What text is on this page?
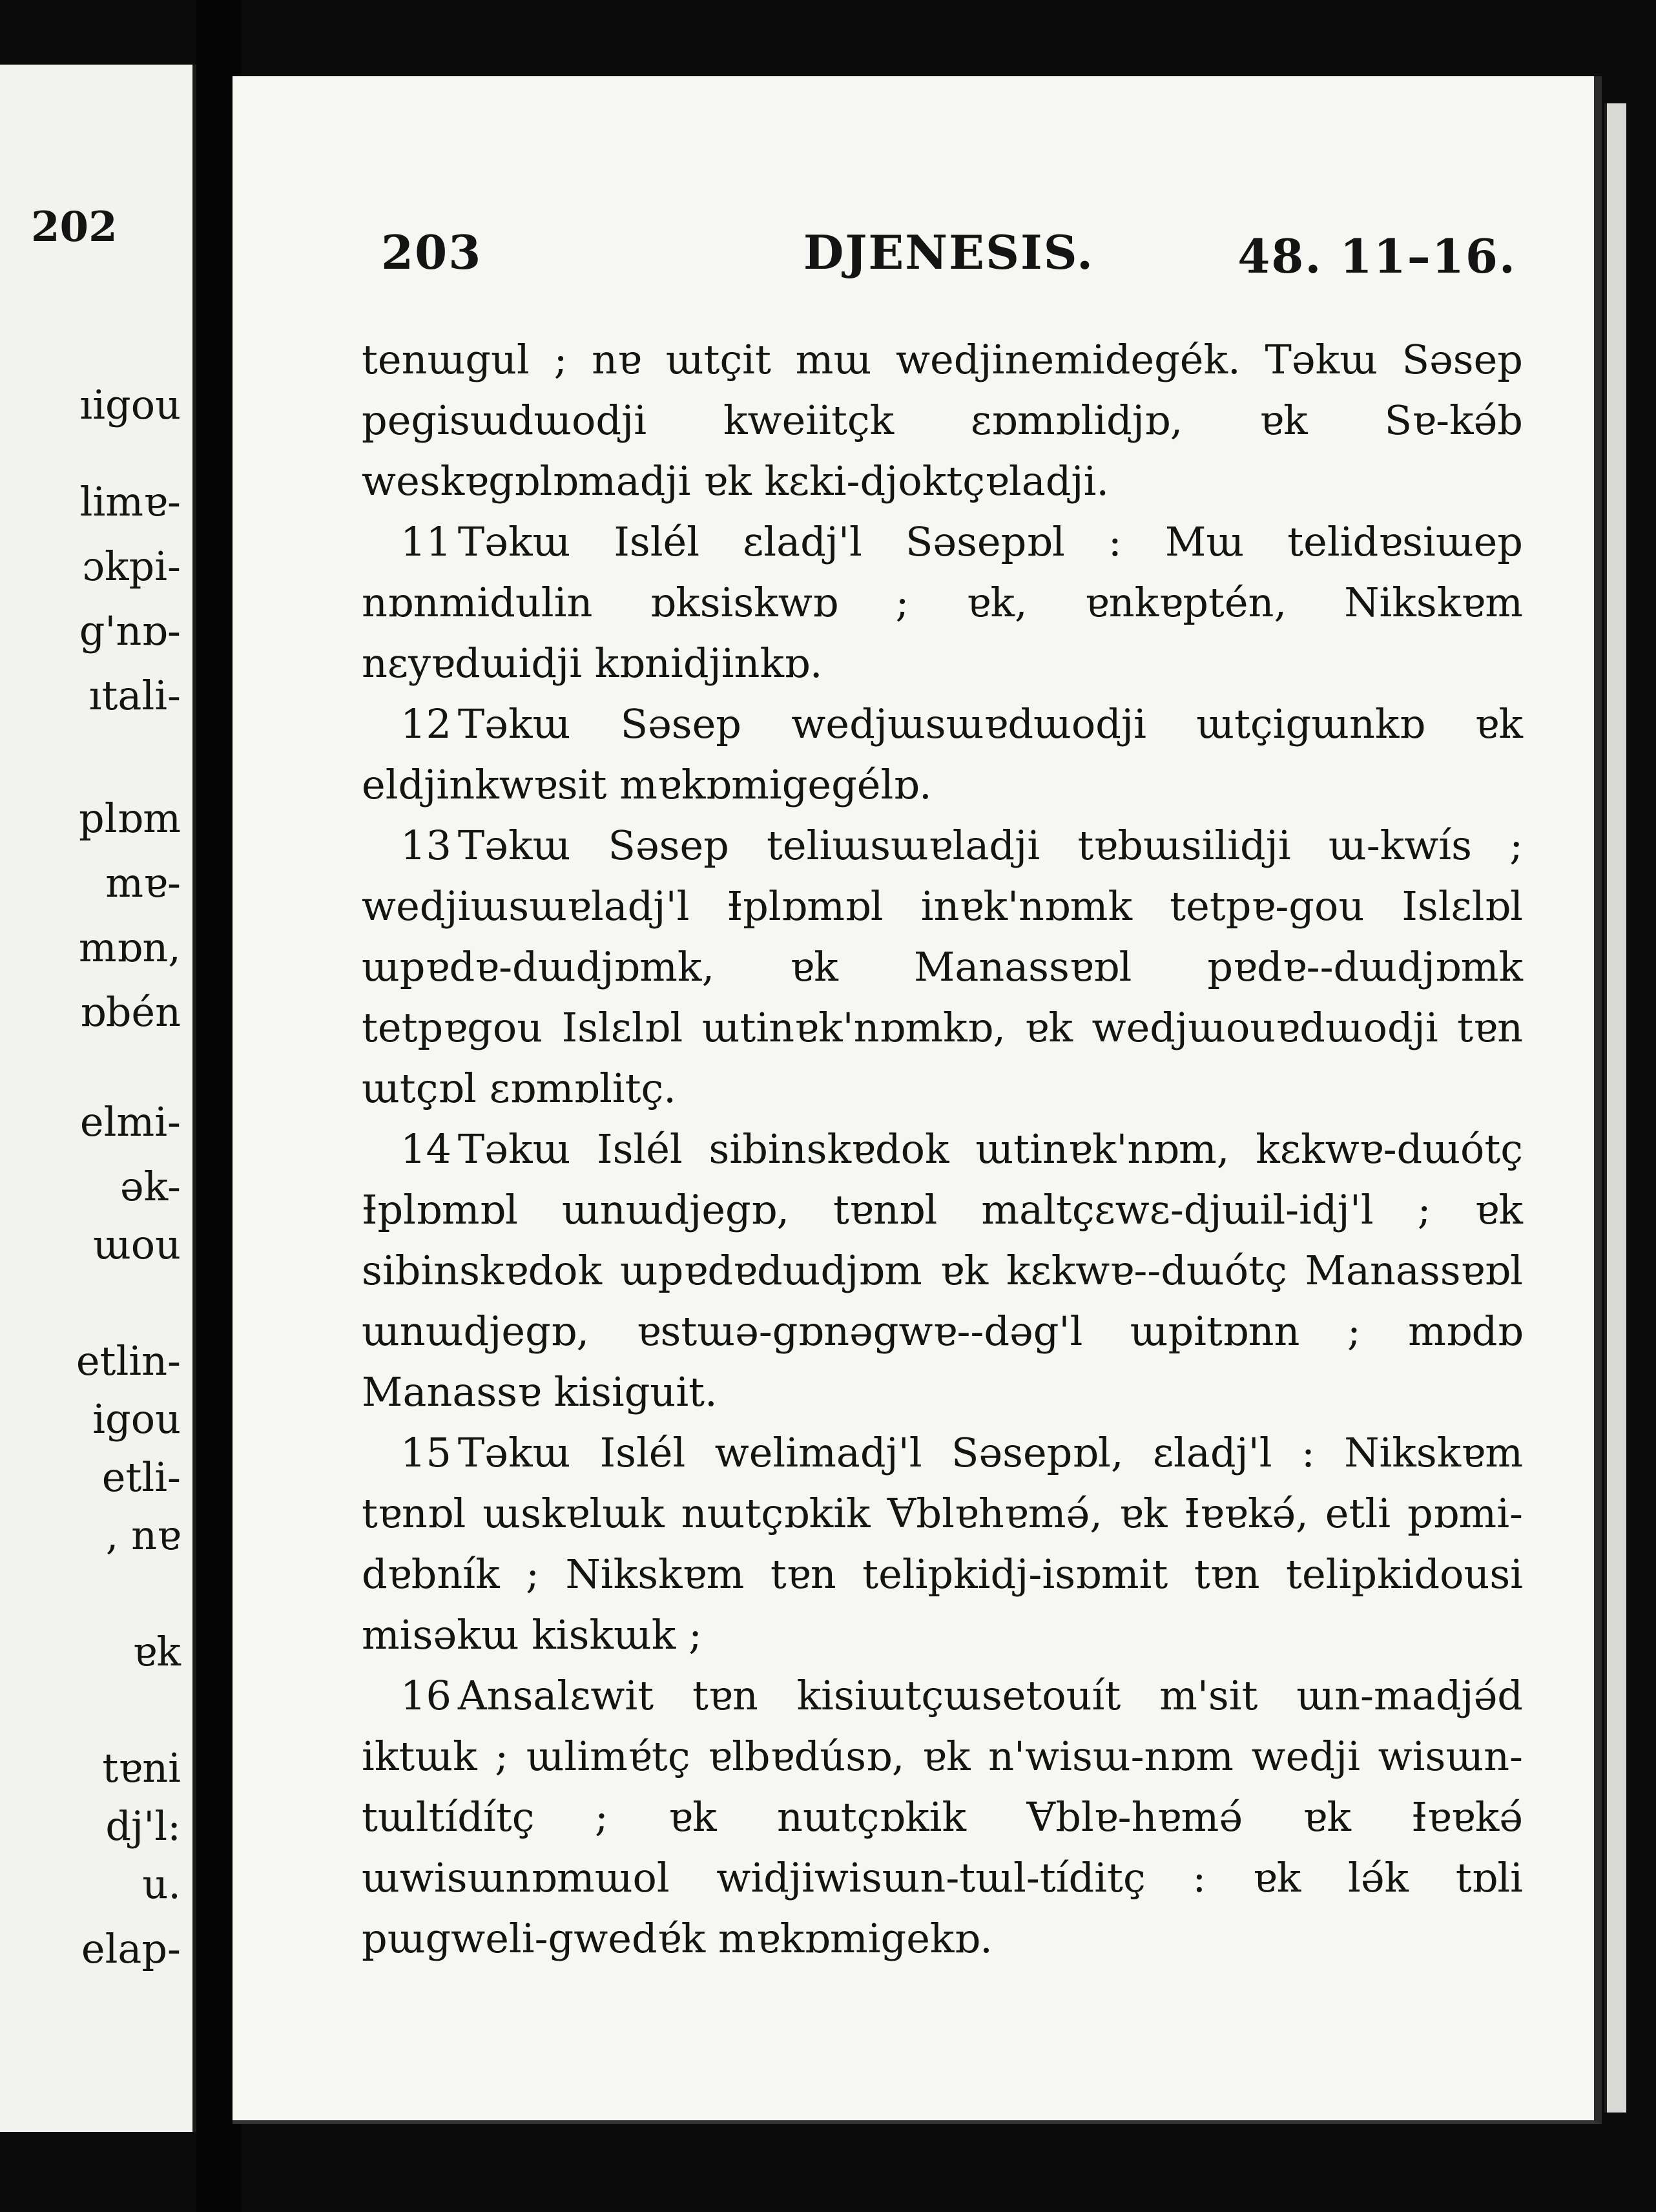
202
ıigou
limɐ-
ɔkpi-
g'nɒ-
ıtali-
plɒm
mɐ-
mɒn,
ɒbén
elmi-
ǝk-
ɯou
etlin-
igou
etli-
, nɐ
ɐk
tɐni
dj'l:
u.
elap-
203	DJENESIS.	48. 11–16.

tenɯgul ; nɐ ɯtçit mɯ wedjinemidegék. Tǝkɯ Sǝsep pegisɯdɯodji kweiitçk ɛɒmɒlidjɒ, ɐk Sɐ-kǝ́b weskɐgɒlɒmadji ɐk kɛki-djoktçɐladji.

11 Tǝkɯ Islél ɛladj'l Sǝsepɒl : Mɯ telidɐsiɯep nɒnmidulin ɒksiskwɒ ; ɐk, ɐnkɐptén, Nikskɐm nɛyɐdɯidji kɒnidjinkɒ.

12 Tǝkɯ Sǝsep wedjɯsɯɐdɯodji ɯtçigɯnkɒ ɐk eldjinkwɐsit mɐkɒmigegélɒ.

13 Tǝkɯ Sǝsep teliɯsɯɐladji tɐbɯsilidji ɯ-kwís ; wedjiɯsɯɐladj'l Ɨplɒmɒl inɐk'nɒmk tetpɐ-gou Islɛlɒl ɯpɐdɐ-dɯdjɒmk, ɐk Manassɐɒl pɐdɐ--dɯdjɒmk tetpɐgou Islɛlɒl ɯtinɐk'nɒmkɒ, ɐk wedjɯouɐdɯodji tɐn ɯtçɒl ɛɒmɒlitç.

14 Tǝkɯ Islél sibinskɐdok ɯtinɐk'nɒm, kɛkwɐ-dɯótç Ɨplɒmɒl ɯnɯdjegɒ, tɐnɒl maltçɛwɛ-djɯil-idj'l ; ɐk sibinskɐdok ɯpɐdɐdɯdjɒm ɐk kɛkwɐ--dɯótç Manassɐɒl ɯnɯdjegɒ, ɐstɯǝ-gɒnǝgwɐ--dǝg'l ɯpitɒnn ; mɒdɒ Manassɐ kisiguit.

15 Tǝkɯ Islél welimadj'l Sǝsepɒl, ɛladj'l : Nikskɐm tɐnɒl ɯskɐlɯk nɯtçɒkik Ɐblɐhɐmǝ́, ɐk Ɨɐɐkǝ́, etli pɒmi-dɐbník ; Nikskɐm tɐn telipkidj-isɒmit tɐn telipkidousi misǝkɯ kiskɯk ;

16 Ansalɛwit tɐn kisiɯtçɯsetouít m'sit ɯn-madjǝ́d iktɯk ; ɯlimɐ́tç ɐlbɐdúsɒ, ɐk n'wisɯ-nɒm wedji wisɯn-tɯltídítç ; ɐk nɯtçɒkik Ɐblɐ-hɐmǝ́ ɐk Ɨɐɐkǝ́ ɯwisɯnɒmɯol widjiwisɯn-tɯl-tíditç : ɐk lǝ́k tɒli pɯgweli-gwedɐ́k mɐkɒmigekɒ.
